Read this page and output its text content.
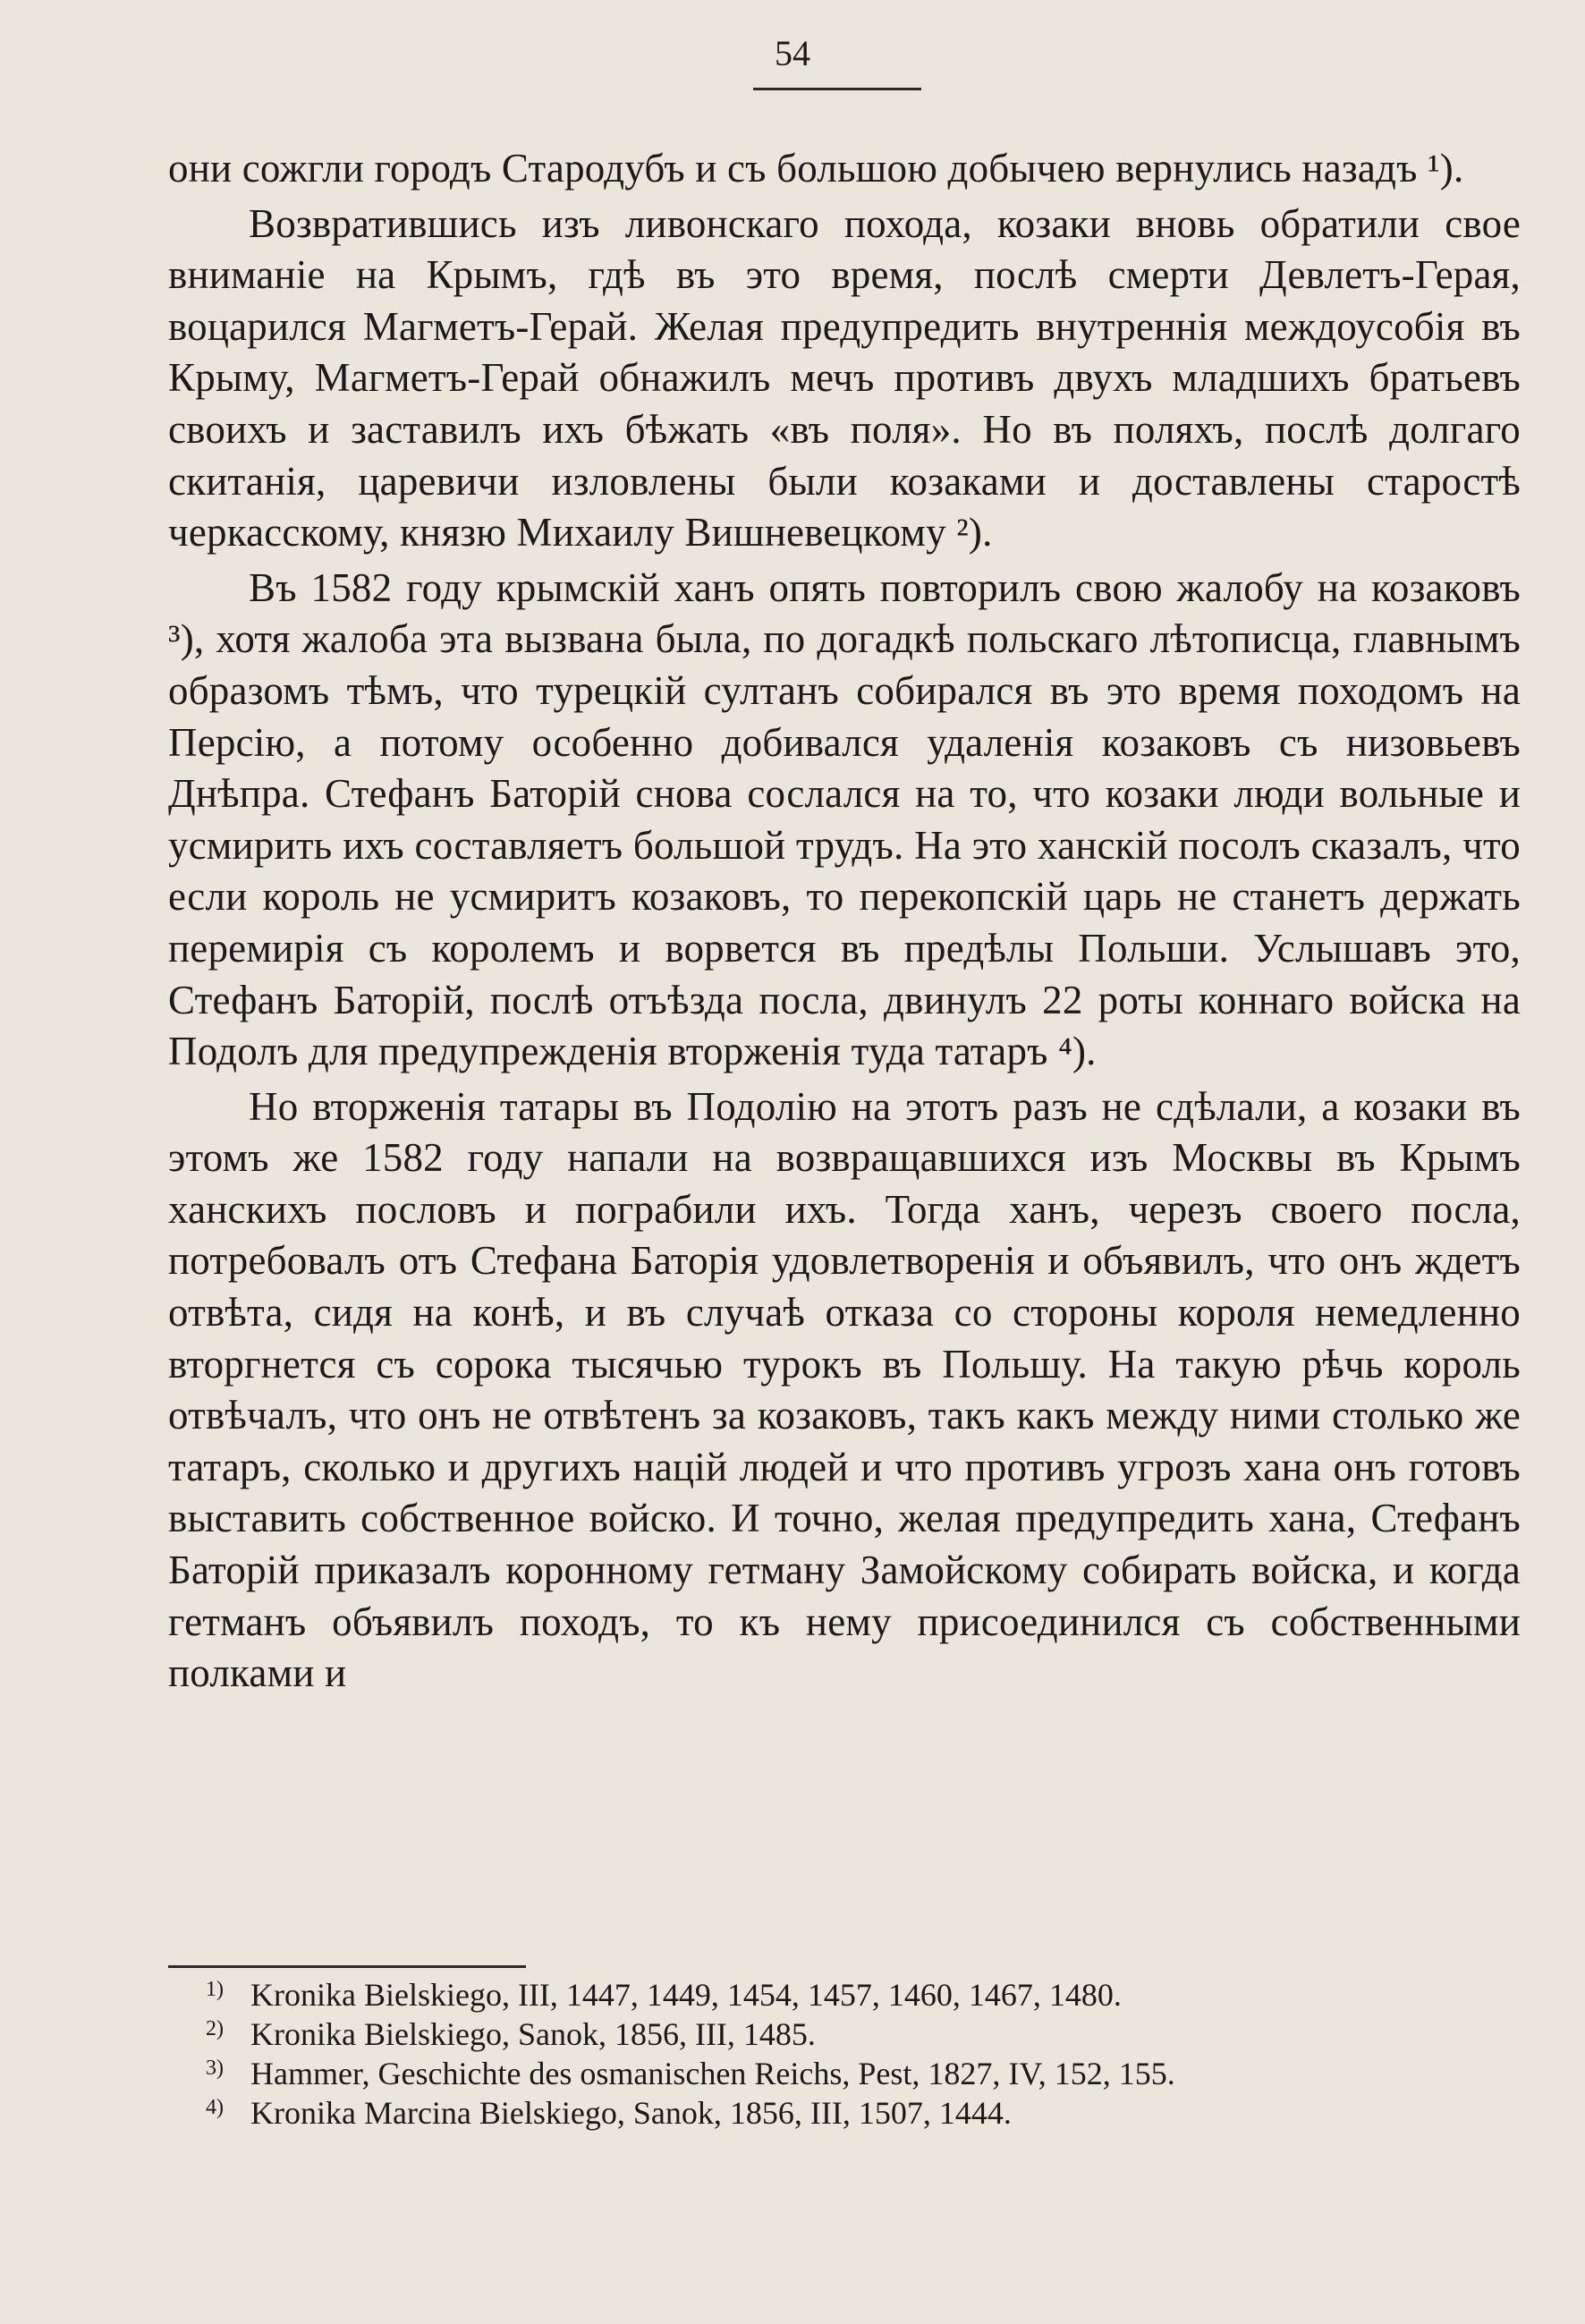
54

они сожгли городъ Стародубъ и съ большою добычею вернулись назадъ ¹).

Возвратившись изъ ливонскаго похода, козаки вновь обратили свое вниманіе на Крымъ, гдѣ въ это время, послѣ смерти Девлетъ-Герая, воцарился Магметъ-Герай. Желая предупредить внутреннія междоусобія въ Крыму, Магметъ-Герай обнажилъ мечъ противъ двухъ младшихъ братьевъ своихъ и заставилъ ихъ бѣжать «въ поля». Но въ поляхъ, послѣ долгаго скитанія, царевичи изловлены были козаками и доставлены старостѣ черкасскому, князю Михаилу Вишневецкому ²).

Въ 1582 году крымскій ханъ опять повторилъ свою жалобу на козаковъ ³), хотя жалоба эта вызвана была, по догадкѣ польскаго лѣтописца, главнымъ образомъ тѣмъ, что турецкій султанъ собирался въ это время походомъ на Персію, а потому особенно добивался удаленія козаковъ съ низовьевъ Днѣпра. Стефанъ Баторій снова сослался на то, что козаки люди вольные и усмирить ихъ составляетъ большой трудъ. На это ханскій посолъ сказалъ, что если король не усмиритъ козаковъ, то перекопскій царь не станетъ держать перемирія съ королемъ и ворвется въ предѣлы Польши. Услышавъ это, Стефанъ Баторій, послѣ отъѣзда посла, двинулъ 22 роты коннаго войска на Подолъ для предупрежденія вторженія туда татаръ ⁴).

Но вторженія татары въ Подолію на этотъ разъ не сдѣлали, а козаки въ этомъ же 1582 году напали на возвращавшихся изъ Москвы въ Крымъ ханскихъ пословъ и пограбили ихъ. Тогда ханъ, черезъ своего посла, потребовалъ отъ Стефана Баторія удовлетворенія и объявилъ, что онъ ждетъ отвѣта, сидя на конѣ, и въ случаѣ отказа со стороны короля немедленно вторгнется съ сорока тысячью турокъ въ Польшу. На такую рѣчь король отвѣчалъ, что онъ не отвѣтенъ за козаковъ, такъ какъ между ними столько же татаръ, сколько и другихъ націй людей и что противъ угрозъ хана онъ готовъ выставить собственное войско. И точно, желая предупредить хана, Стефанъ Баторій приказалъ коронному гетману Замойскому собирать войска, и когда гетманъ объявилъ походъ, то къ нему присоединился съ собственными полками и

1) Kronika Bielskiego, III, 1447, 1449, 1454, 1457, 1460, 1467, 1480.
2) Kronika Bielskiego, Sanok, 1856, III, 1485.
3) Hammer, Geschichte des osmanischen Reichs, Pest, 1827, IV, 152, 155.
4) Kronika Marcina Bielskiego, Sanok, 1856, III, 1507, 1444.
